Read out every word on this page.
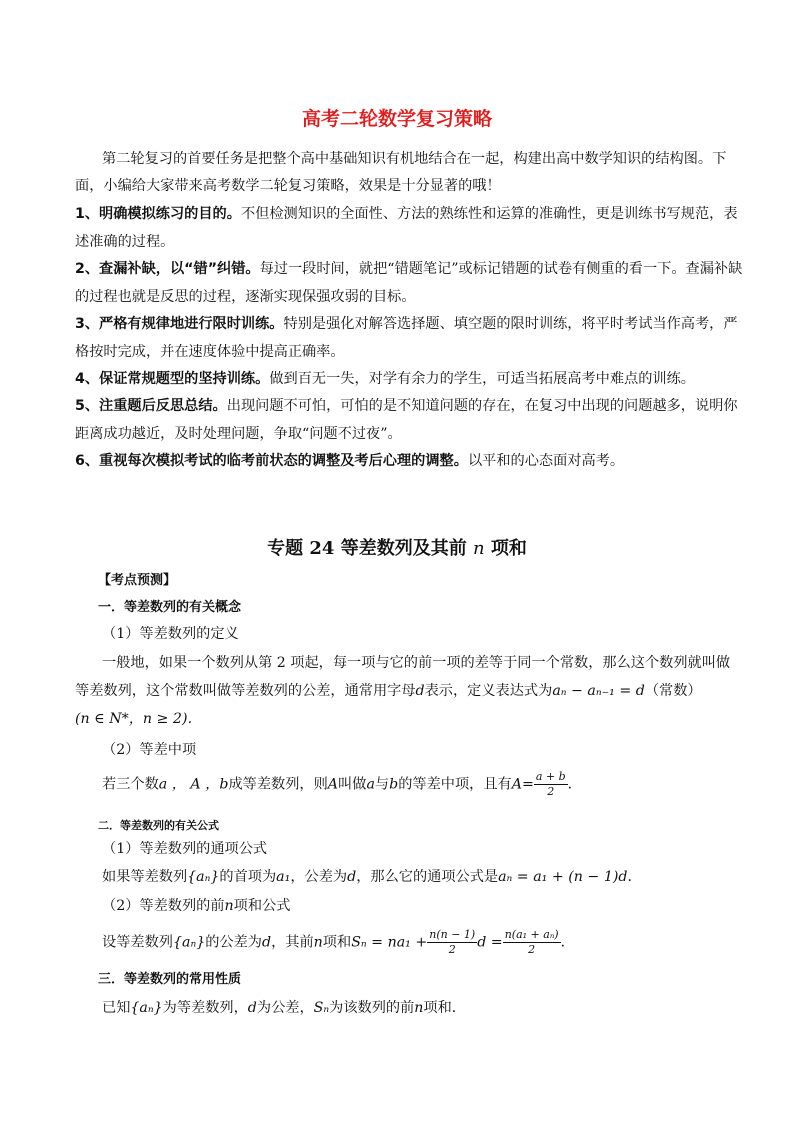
高考二轮数学复习策略
第二轮复习的首要任务是把整个高中基础知识有机地结合在一起，构建出高中数学知识的结构图。下
面，小编给大家带来高考数学二轮复习策略，效果是十分显著的哦！
1、明确模拟练习的目的。不但检测知识的全面性、方法的熟练性和运算的准确性，更是训练书写规范，表
述准确的过程。
2、查漏补缺，以“错”纠错。每过一段时间，就把“错题笔记”或标记错题的试卷有侧重的看一下。查漏补缺
的过程也就是反思的过程，逐渐实现保强攻弱的目标。
3、严格有规律地进行限时训练。特别是强化对解答选择题、填空题的限时训练，将平时考试当作高考，严
格按时完成，并在速度体验中提高正确率。
4、保证常规题型的坚持训练。做到百无一失，对学有余力的学生，可适当拓展高考中难点的训练。
5、注重题后反思总结。出现问题不可怕，可怕的是不知道问题的存在，在复习中出现的问题越多，说明你
距离成功越近，及时处理问题，争取“问题不过夜”。
6、重视每次模拟考试的临考前状态的调整及考后心理的调整。以平和的心态面对高考。
专题 24 等差数列及其前 n 项和
【考点预测】
一．等差数列的有关概念
（1）等差数列的定义
一般地，如果一个数列从第 2 项起，每一项与它的前一项的差等于同一个常数，那么这个数列就叫做
等差数列，这个常数叫做等差数列的公差，通常用字母d表示，定义表达式为aₙ − aₙ₋₁ = d（常数）
(n ∈ N*，n ≥ 2)．
（2）等差中项
若三个数a ， A ，b成等差数列，则A叫做a与b的等差中项，且有$A= \frac{a + b}{2}$ ．
二．等差数列的有关公式
（1）等差数列的通项公式
如果等差数列{aₙ}的首项为a₁，公差为d，那么它的通项公式是aₙ = a₁ + (n − 1)d．
（2）等差数列的前n项和公式
设等差数列{aₙ}的公差为d，其前n项和$S_n = na_1 + \frac{n(n - 1)}{2}$ $d = \frac{\text{n(a₁ + aₙ)}}{2}$ ．
三．等差数列的常用性质
已知{aₙ}为等差数列，d为公差，Sₙ为该数列的前n项和．
